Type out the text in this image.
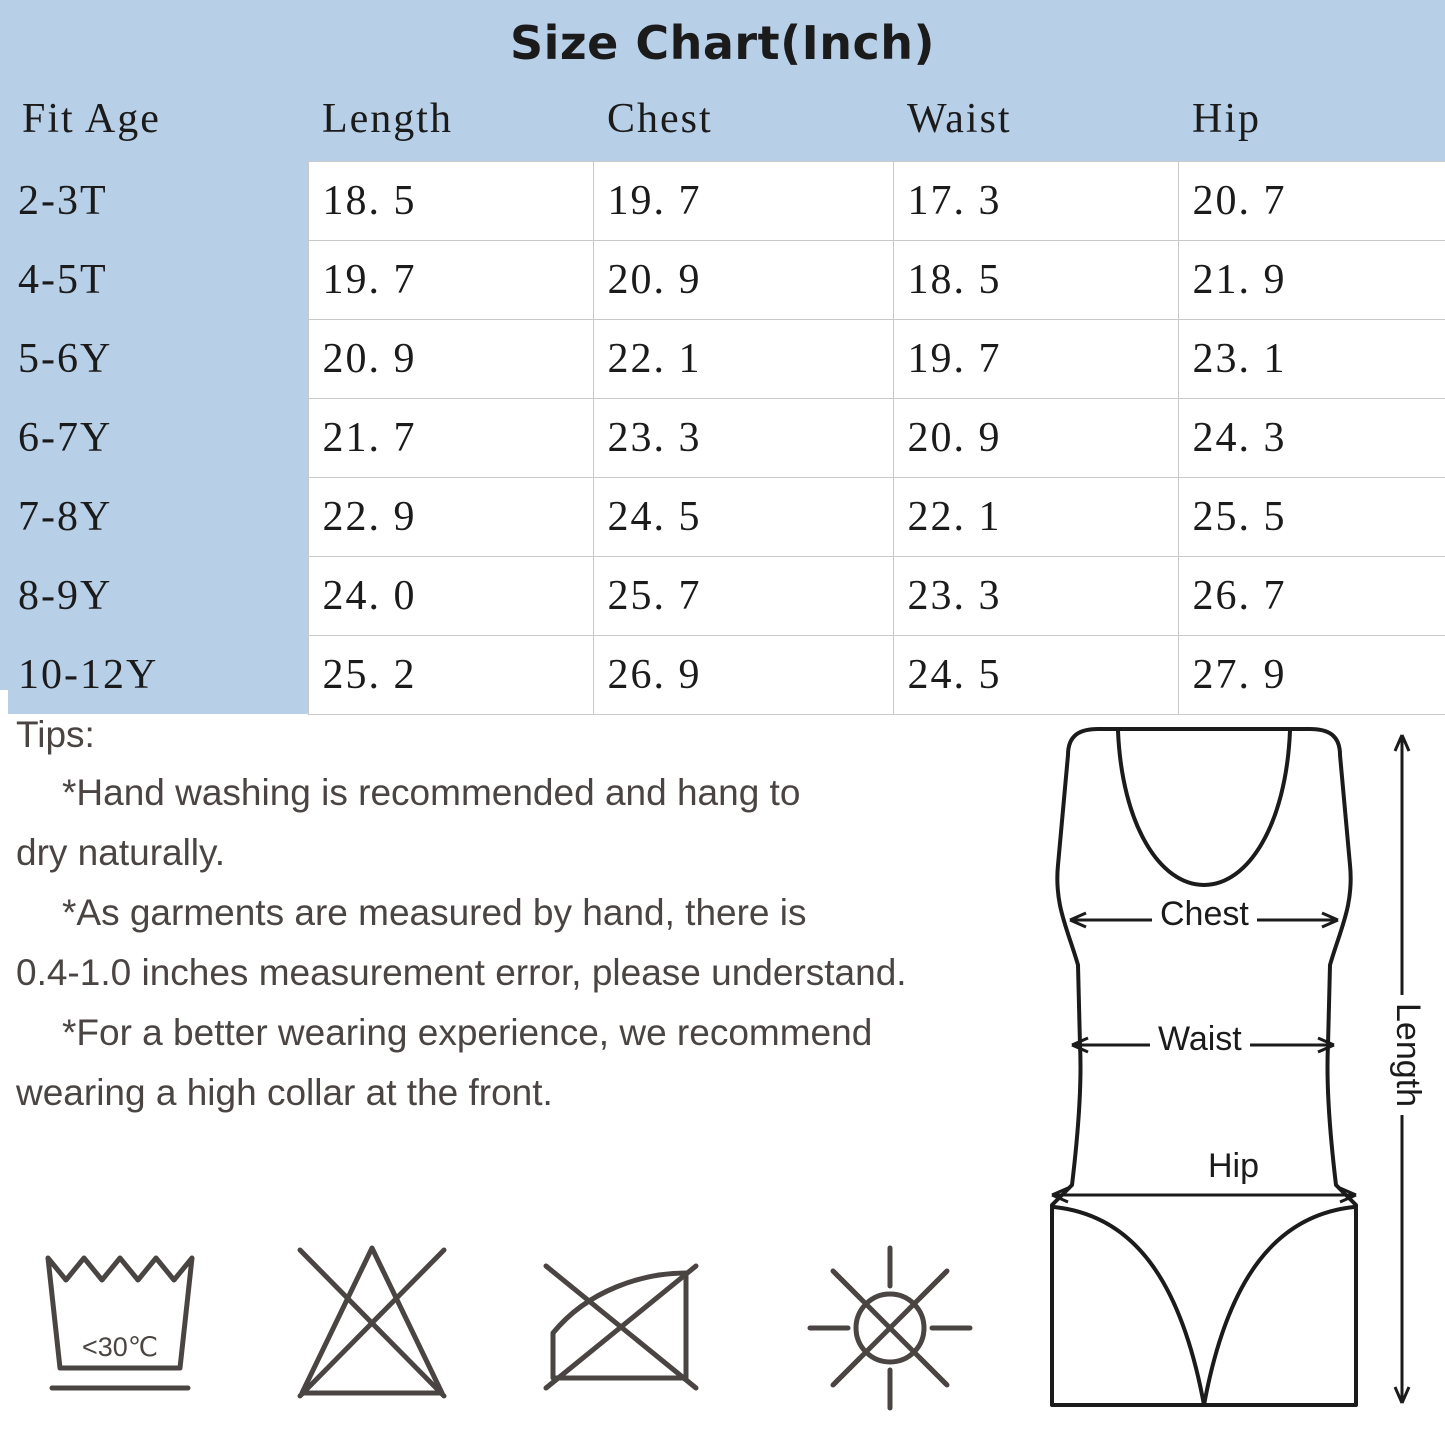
Size Chart(Inch)
Fit Age	Length	Chest	Waist	Hip
2-3T	18. 5	19. 7	17. 3	20. 7
4-5T	19. 7	20. 9	18. 5	21. 9
5-6Y	20. 9	22. 1	19. 7	23. 1
6-7Y	21. 7	23. 3	20. 9	24. 3
7-8Y	22. 9	24. 5	22. 1	25. 5
8-9Y	24. 0	25. 7	23. 3	26. 7
10-12Y	25. 2	26. 9	24. 5	27. 9
Tips:
*Hand washing is recommended and hang to
dry naturally.
*As garments are measured by hand, there is
0.4-1.0 inches measurement error, please understand.
*For a better wearing experience, we recommend
wearing a high collar at the front.
<30℃
Chest
Waist
Hip
Length
